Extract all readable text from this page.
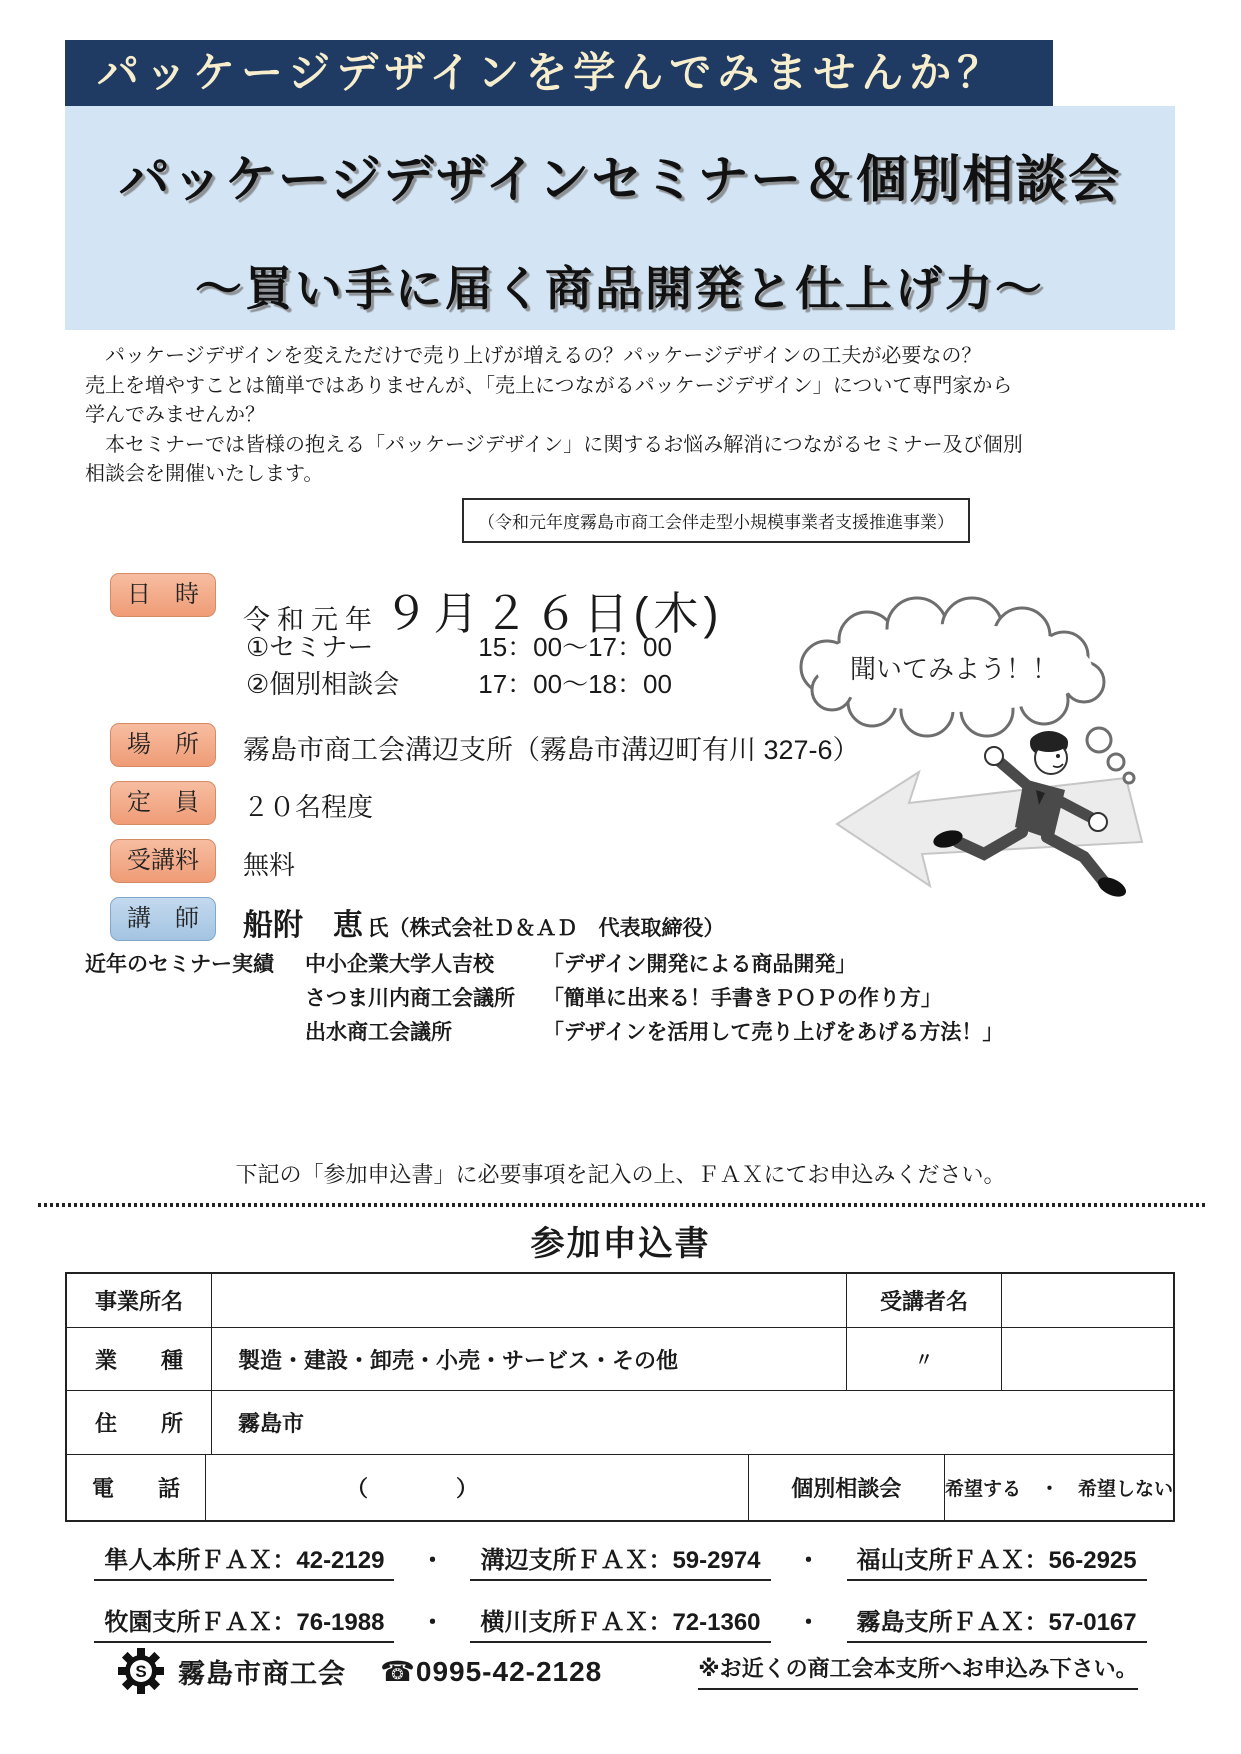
パッケージデザインを学んでみませんか？
パッケージデザインセミナー＆個別相談会
～買い手に届く商品開発と仕上げ力～
　パッケージデザインを変えただけで売り上げが増えるの？パッケージデザインの工夫が必要なの？
売上を増やすことは簡単ではありませんが、「売上につながるパッケージデザイン」について専門家から
学んでみませんか？
　本セミナーでは皆様の抱える「パッケージデザイン」に関するお悩み解消につながるセミナー及び個別
相談会を開催いたします。
（令和元年度霧島市商工会伴走型小規模事業者支援推進事業）
日　時
令和元年 ９月２６日(木)
①セミナー	15：00～17：00
②個別相談会	17：00～18：00
場　所	霧島市商工会溝辺支所（霧島市溝辺町有川 327-6）
定　員	２０名程度
受講料	無料
講　師	船附　恵 氏（株式会社Ｄ＆ＡＤ　代表取締役）
近年のセミナー実績 中小企業大学人吉校 「デザイン開発による商品開発」
さつま川内商工会議所 「簡単に出来る！手書きＰＯＰの作り方」
出水商工会議所	「デザインを活用して売り上げをあげる方法！」
聞いてみよう！！
下記の「参加申込書」に必要事項を記入の上、ＦＡＸにてお申込みください。
参加申込書
事業所名	受講者名
業　　種	製造・建設・卸売・小売・サービス・その他	〃
住　　所	霧島市
電　　話	（　　　　）	個別相談会	希望する　・　希望しない
隼人本所ＦＡＸ：42-2129 ・ 溝辺支所ＦＡＸ：59-2974 ・ 福山支所ＦＡＸ：56-2925
牧園支所ＦＡＸ：76-1988 ・ 横川支所ＦＡＸ：72-1360 ・ 霧島支所ＦＡＸ：57-0167
S 霧島市商工会 ☎0995-42-2128	※お近くの商工会本支所へお申込み下さい。
